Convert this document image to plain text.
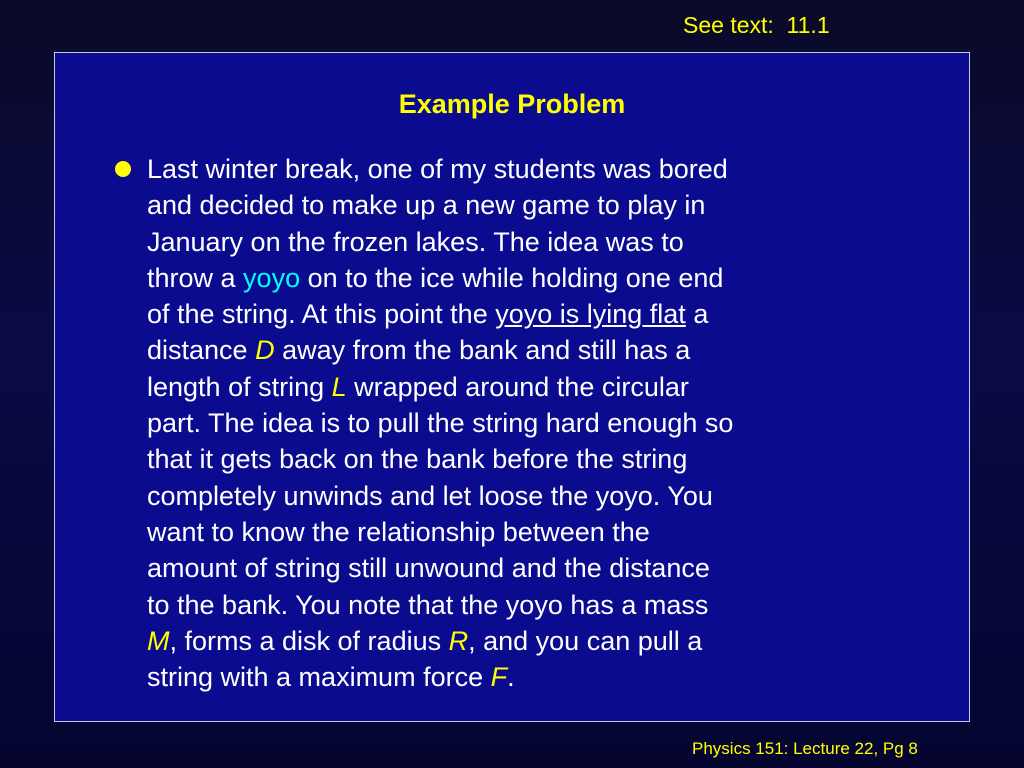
See text:  11.1
Example Problem
Last winter break, one of my students was bored
and decided to make up a new game to play in
January on the frozen lakes. The idea was to
throw a yoyo on to the ice while holding one end
of the string. At this point the yoyo is lying flat a
distance D away from the bank and still has a
length of string L wrapped around the circular
part. The idea is to pull the string hard enough so
that it gets back on the bank before the string
completely unwinds and let loose the yoyo. You
want to know the relationship between the
amount of string still unwound and the distance
to the bank. You note that the yoyo has a mass
M, forms a disk of radius R, and you can pull a
string with a maximum force F.
Physics 151: Lecture 22, Pg 8
